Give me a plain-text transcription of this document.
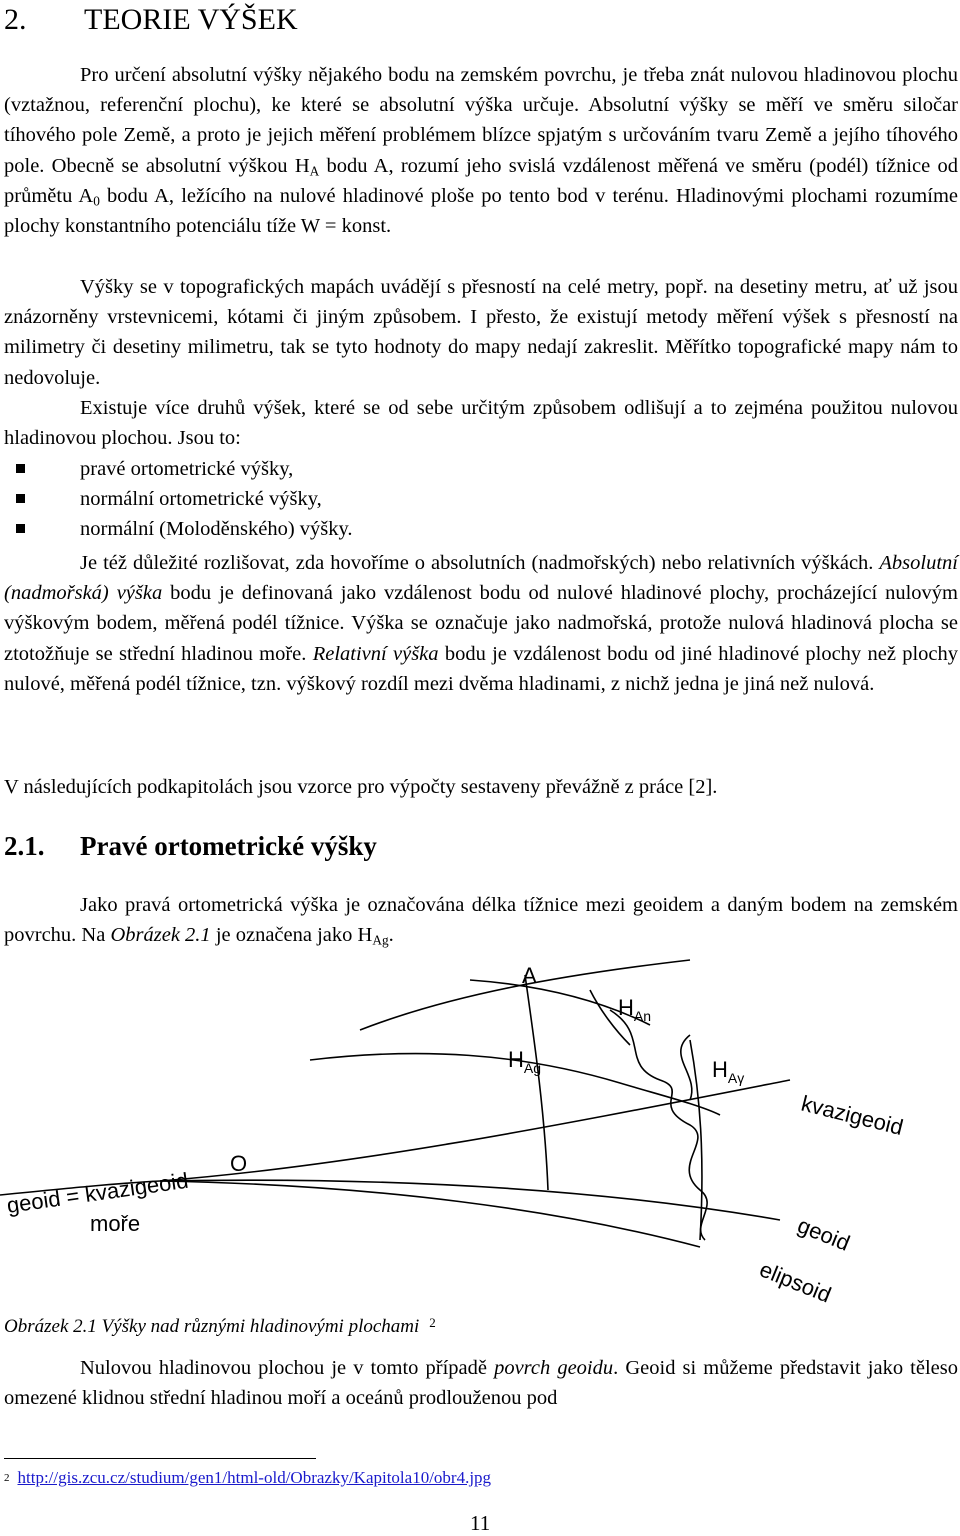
2. TEORIE VÝŠEK

Pro určení absolutní výšky nějakého bodu na zemském povrchu, je třeba znát nulovou hladinovou plochu (vztažnou, referenční plochu), ke které se absolutní výška určuje. Absolutní výšky se měří ve směru siločar tíhového pole Země, a proto je jejich měření problémem blízce spjatým s určováním tvaru Země a jejího tíhového pole. Obecně se absolutní výškou $H_A$ bodu A, rozumí jeho svislá vzdálenost měřená ve směru (podél) tížnice od průmětu $A_0$ bodu A, ležícího na nulové hladinové ploše po tento bod v terénu. Hladinovými plochami rozumíme plochy konstantního potenciálu tíže W = konst.

Výšky se v topografických mapách uvádějí s přesností na celé metry, popř. na desetiny metru, ať už jsou znázorněny vrstevnicemi, kótami či jiným způsobem. I přesto, že existují metody měření výšek s přesností na milimetry či desetiny milimetru, tak se tyto hodnoty do mapy nedají zakreslit. Měřítko topografické mapy nám to nedovoluje.

Existuje více druhů výšek, které se od sebe určitým způsobem odlišují a to zejména použitou nulovou hladinovou plochou. Jsou to:

pravé ortometrické výšky,
normální ortometrické výšky,
normální (Moloděnského) výšky.

Je též důležité rozlišovat, zda hovoříme o absolutních (nadmořských) nebo relativních výškách. Absolutní (nadmořská) výška bodu je definovaná jako vzdálenost bodu od nulové hladinové plochy, procházející nulovým výškovým bodem, měřená podél tížnice. Výška se označuje jako nadmořská, protože nulová hladinová plocha se ztotožňuje se střední hladinou moře. Relativní výška bodu je vzdálenost bodu od jiné hladinové plochy než plochy nulové, měřená podél tížnice, tzn. výškový rozdíl mezi dvěma hladinami, z nichž jedna je jiná než nulová.

V následujících podkapitolách jsou vzorce pro výpočty sestaveny převážně z práce [2].

2.1. Pravé ortometrické výšky

Jako pravá ortometrická výška je označována délka tížnice mezi geoidem a daným bodem na zemském povrchu. Na Obrázek 2.1 je označena jako $H_{Ag}$.

A
$H_{An}$
$H_{Ag}$	$H_{A\gamma}$
kvazigeoid
O
geoid = kvazigeoid
moře	geoid
elipsoid
Obrázek 2.1 Výšky nad různými hladinovými plochami $^2$

Nulovou hladinovou plochou je v tomto případě povrch geoidu. Geoid si můžeme představit jako těleso omezené klidnou střední hladinou moří a oceánů prodlouženou pod

$^2$ http://gis.zcu.cz/studium/gen1/html-old/Obrazky/Kapitola10/obr4.jpg
11
